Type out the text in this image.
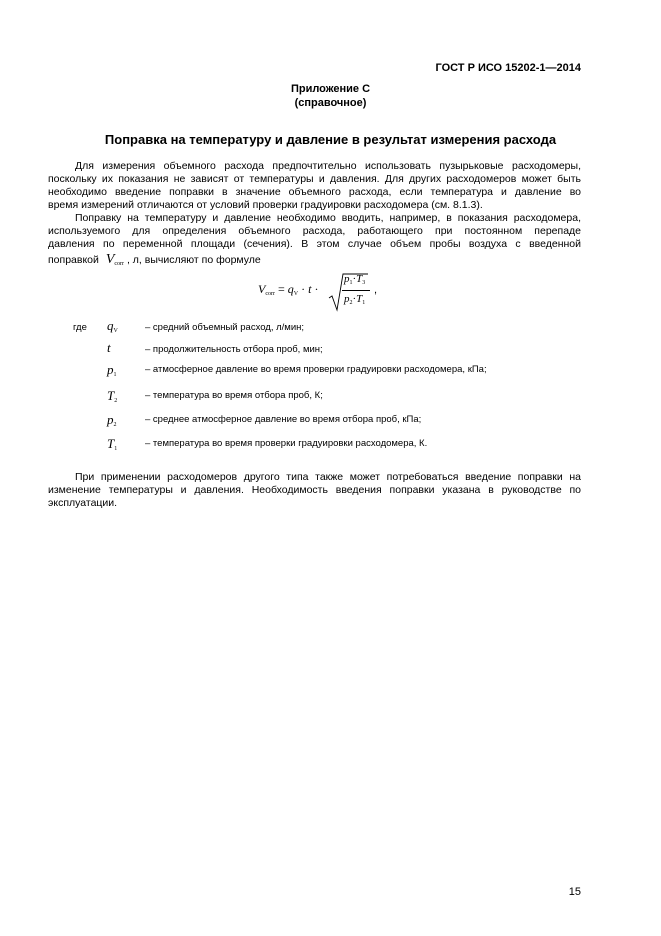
ГОСТ Р ИСО 15202-1—2014
Приложение С
(справочное)
Поправка на температуру и давление в результат измерения расхода
Для измерения объемного расхода предпочтительно использовать пузырьковые расходомеры,
поскольку их показания не зависят от температуры и давления. Для других расходомеров может быть
необходимо введение поправки в значение объемного расхода, если температура и давление во
время измерений отличаются от условий проверки градуировки расходомера (см. 8.1.3).
Поправку на температуру и давление необходимо вводить, например, в показания расходомера,
используемого для определения объемного расхода, работающего при постоянном перепаде
давления по переменной площади (сечения). В этом случае объем пробы воздуха с введенной
поправкой $V_{corr}$ , л, вычисляют по формуле
$V_{corr} = q_V \cdot t$ ·
$p_1\cdot T_3$
$p_2\cdot T_1$
,
где $q_V$	– средний объемный расход, л/мин;
t	– продолжительность отбора проб, мин;
$p_1$	– атмосферное давление во время проверки градуировки расходомера, кПа;
$T_2$	– температура во время отбора проб, К;
$p_2$	– среднее атмосферное давление во время отбора проб, кПа;
$T_1$	– температура во время проверки градуировки расходомера, К.
При применении расходомеров другого типа также может потребоваться введение поправки на
изменение температуры и давления. Необходимость введения поправки указана в руководстве по
эксплуатации.
15
